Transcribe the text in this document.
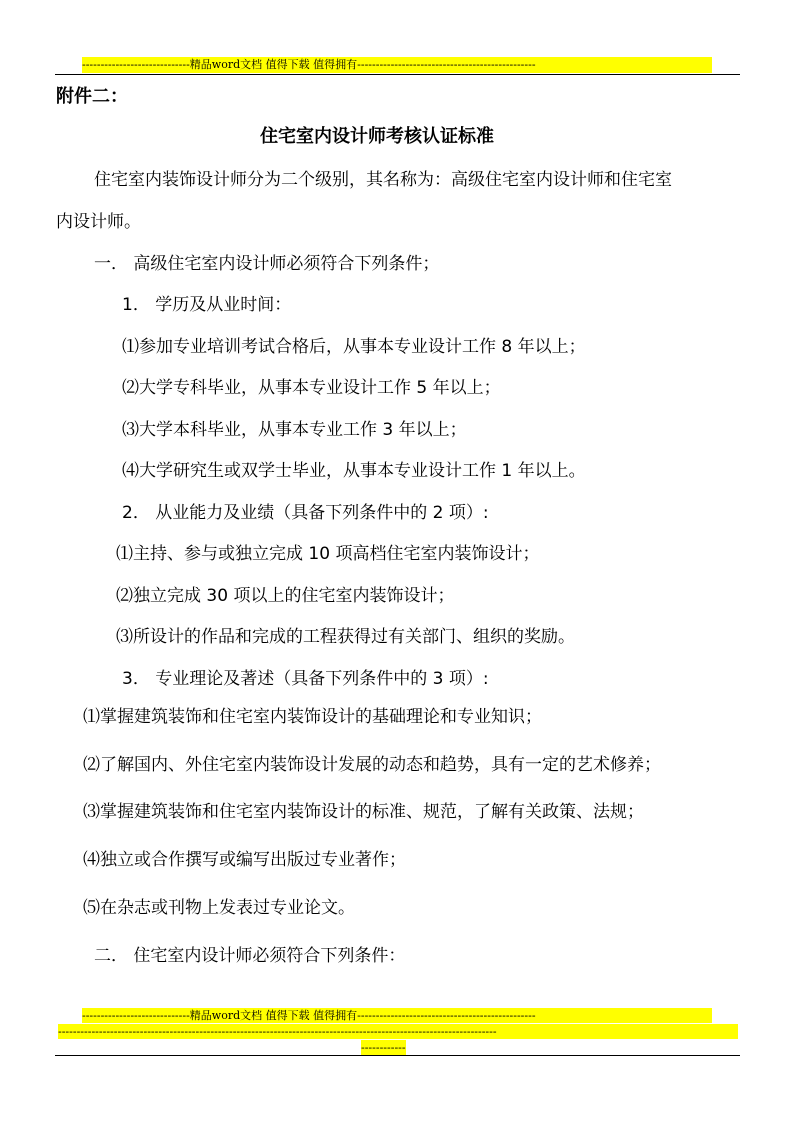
-----------------------------精品word文档 值得下载 值得拥有------------------------------------------------
附件二：
住宅室内设计师考核认证标准
住宅室内装饰设计师分为二个级别，其名称为：高级住宅室内设计师和住宅室
内设计师。
一． 高级住宅室内设计师必须符合下列条件；
1． 学历及从业时间：
⑴参加专业培训考试合格后，从事本专业设计工作 8 年以上；
⑵大学专科毕业，从事本专业设计工作 5 年以上；
⑶大学本科毕业，从事本专业工作 3 年以上；
⑷大学研究生或双学士毕业，从事本专业设计工作 1 年以上。
2． 从业能力及业绩（具备下列条件中的 2 项）:
⑴主持、参与或独立完成 10 项高档住宅室内装饰设计；
⑵独立完成 30 项以上的住宅室内装饰设计；
⑶所设计的作品和完成的工程获得过有关部门、组织的奖励。
3． 专业理论及著述（具备下列条件中的 3 项）:
⑴掌握建筑装饰和住宅室内装饰设计的基础理论和专业知识；
⑵了解国内、外住宅室内装饰设计发展的动态和趋势，具有一定的艺术修养；
⑶掌握建筑装饰和住宅室内装饰设计的标准、规范，了解有关政策、法规；
⑷独立或合作撰写或编写出版过专业著作；
⑸在杂志或刊物上发表过专业论文。
二． 住宅室内设计师必须符合下列条件：
-----------------------------精品word文档 值得下载 值得拥有------------------------------------------------
----------------------------------------------------------------------------------------------------------------------
------------
